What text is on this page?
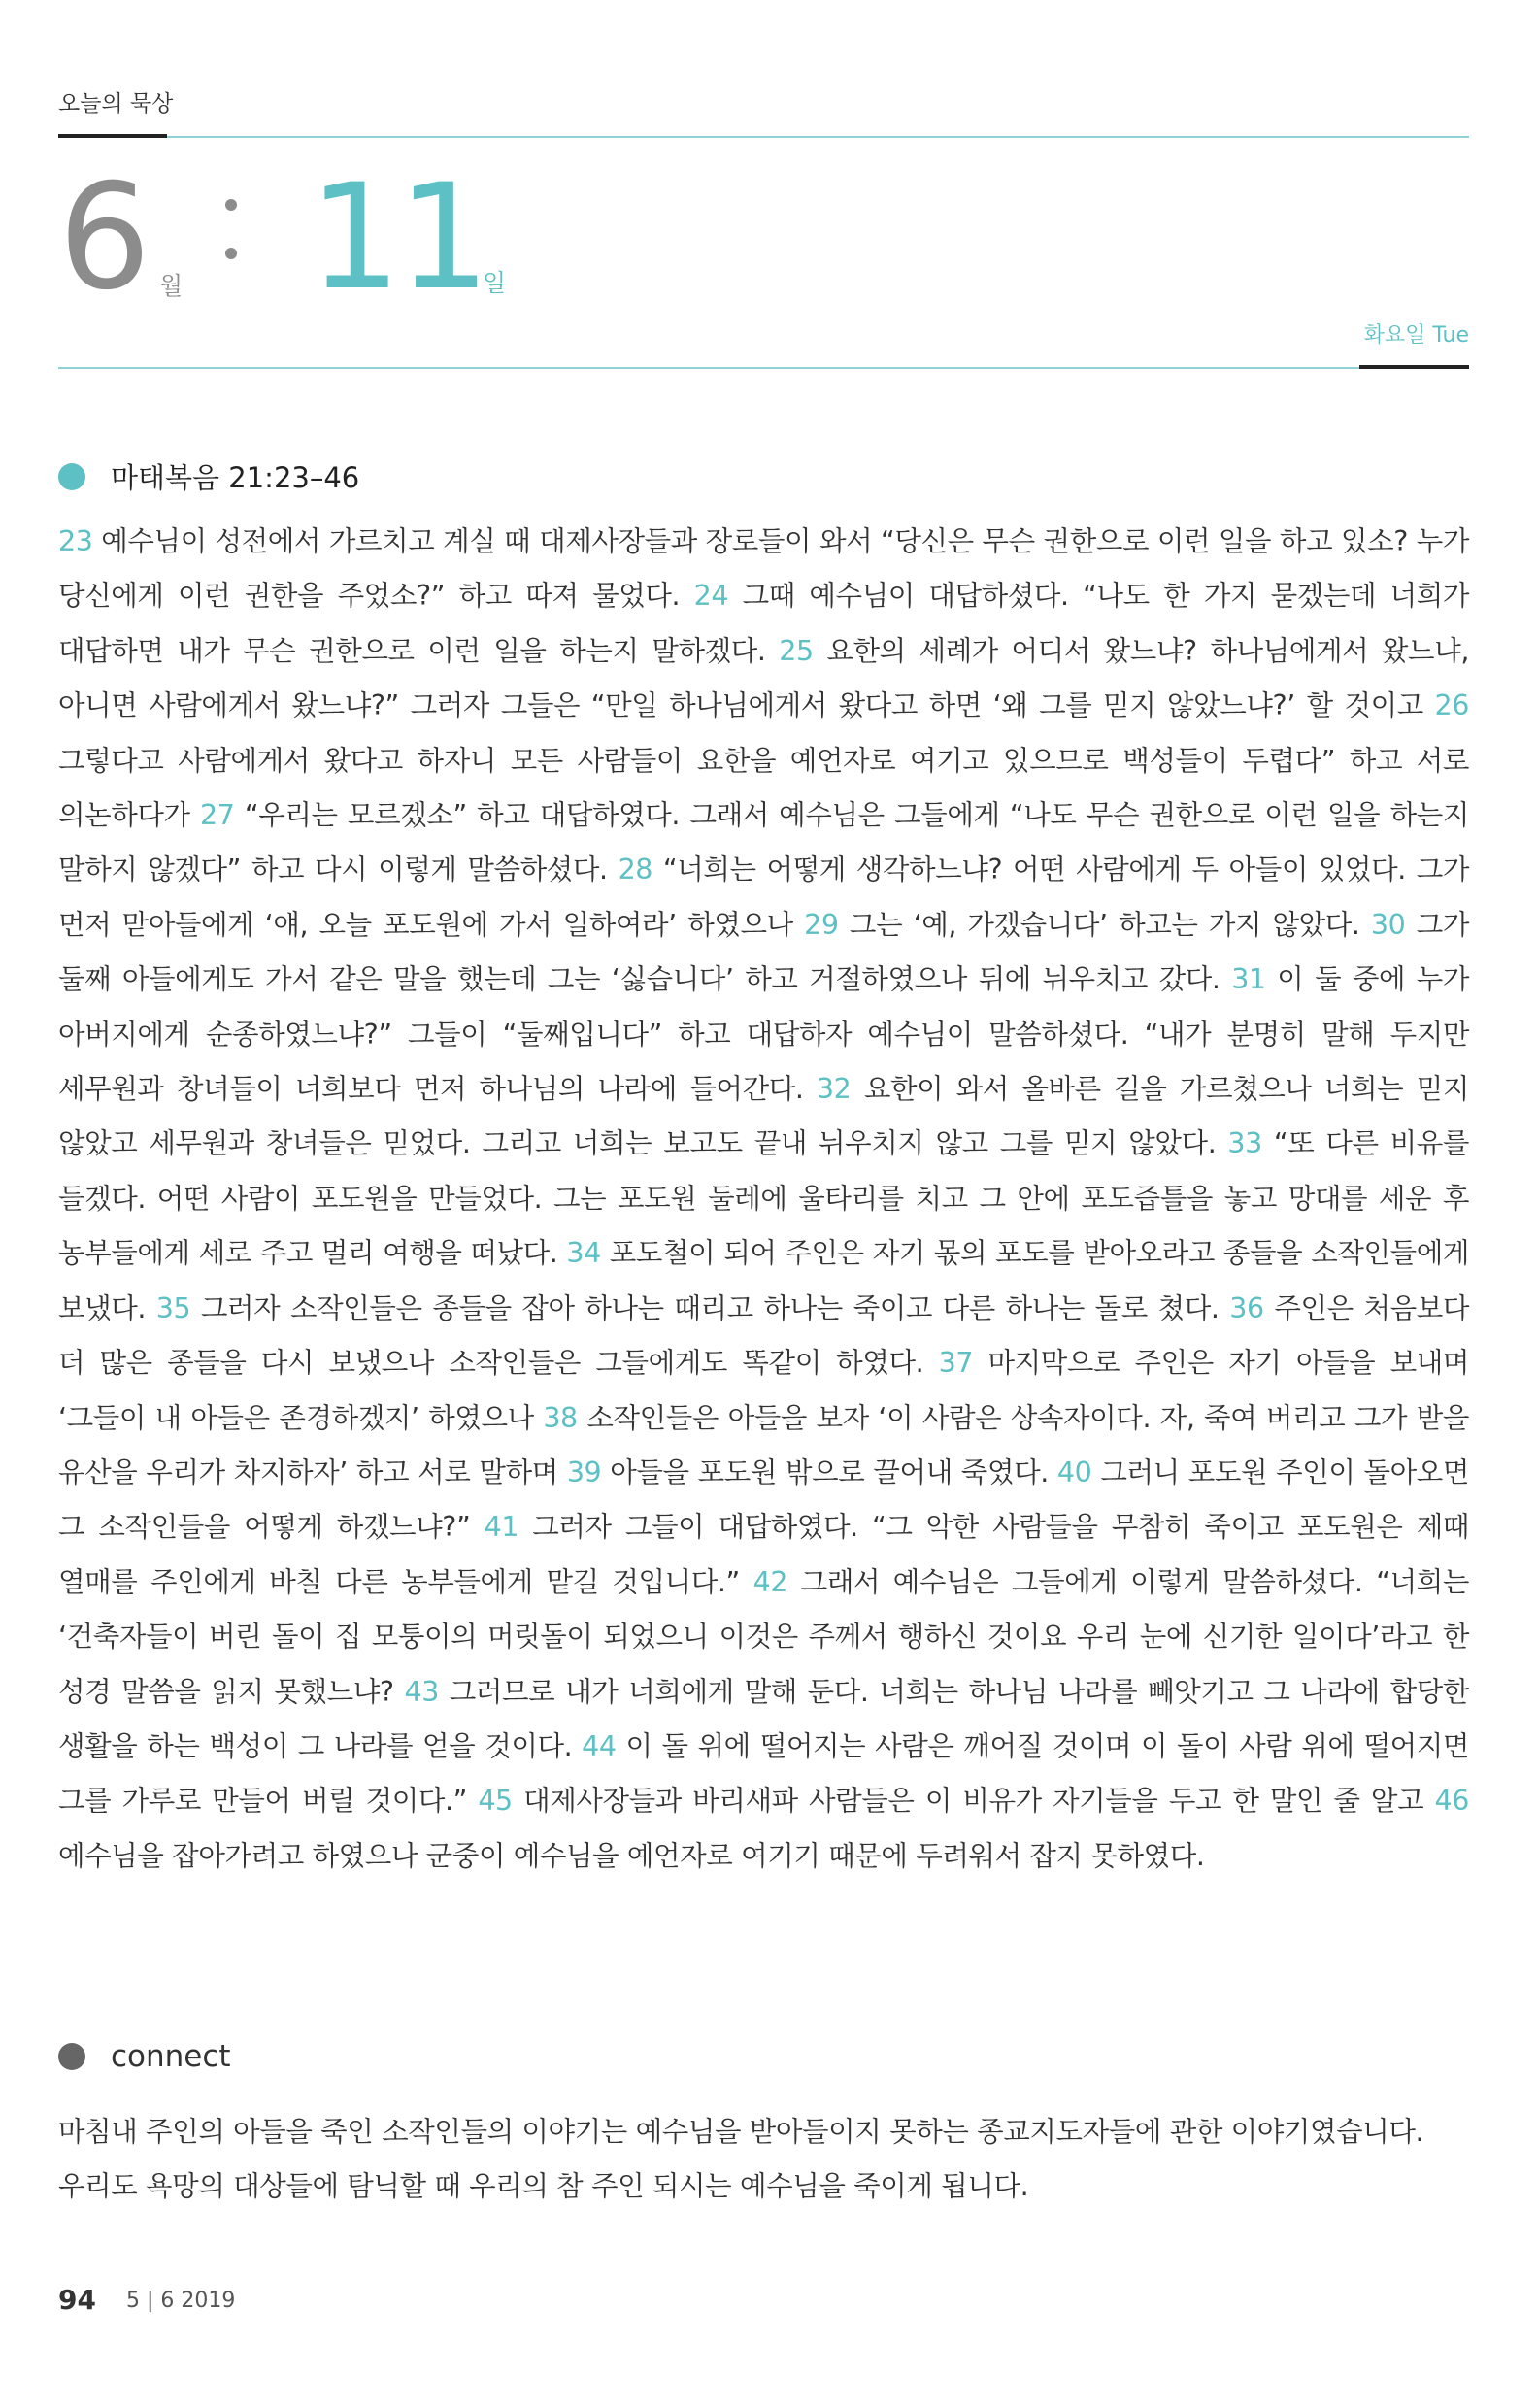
오늘의 묵상
6 월 11
일
화요일 Tue
마태복음 21:23–46
23 예수님이 성전에서 가르치고 계실 때 대제사장들과 장로들이 와서 “당신은 무슨 권한으로 이런 일을 하고 있소? 누가 당신에게 이런 권한을 주었소?” 하고 따져 물었다. 24 그때 예수님이 대답하셨다. “나도 한 가지 묻겠는데 너희가 대답하면 내가 무슨 권한으로 이런 일을 하는지 말하겠다. 25 요한의 세례가 어디서 왔느냐? 하나님에게서 왔느냐, 아니면 사람에게서 왔느냐?” 그러자 그들은 “만일 하나님에게서 왔다고 하면 ‘왜 그를 믿지 않았느냐?’ 할 것이고 26 그렇다고 사람에게서 왔다고 하자니 모든 사람들이 요한을 예언자로 여기고 있으므로 백성들이 두렵다” 하고 서로 의논하다가 27 “우리는 모르겠소” 하고 대답하였다. 그래서 예수님은 그들에게 “나도 무슨 권한으로 이런 일을 하는지 말하지 않겠다” 하고 다시 이렇게 말씀하셨다. 28 “너희는 어떻게 생각하느냐? 어떤 사람에게 두 아들이 있었다. 그가 먼저 맏아들에게 ‘얘, 오늘 포도원에 가서 일하여라’ 하였으나 29 그는 ‘예, 가겠습니다’ 하고는 가지 않았다. 30 그가 둘째 아들에게도 가서 같은 말을 했는데 그는 ‘싫습니다’ 하고 거절하였으나 뒤에 뉘우치고 갔다. 31 이 둘 중에 누가 아버지에게 순종하였느냐?” 그들이 “둘째입니다” 하고 대답하자 예수님이 말씀하셨다. “내가 분명히 말해 두지만 세무원과 창녀들이 너희보다 먼저 하나님의 나라에 들어간다. 32 요한이 와서 올바른 길을 가르쳤으나 너희는 믿지 않았고 세무원과 창녀들은 믿었다. 그리고 너희는 보고도 끝내 뉘우치지 않고 그를 믿지 않았다. 33 “또 다른 비유를 들겠다. 어떤 사람이 포도원을 만들었다. 그는 포도원 둘레에 울타리를 치고 그 안에 포도즙틀을 놓고 망대를 세운 후 농부들에게 세로 주고 멀리 여행을 떠났다. 34 포도철이 되어 주인은 자기 몫의 포도를 받아오라고 종들을 소작인들에게 보냈다. 35 그러자 소작인들은 종들을 잡아 하나는 때리고 하나는 죽이고 다른 하나는 돌로 쳤다. 36 주인은 처음보다 더 많은 종들을 다시 보냈으나 소작인들은 그들에게도 똑같이 하였다. 37 마지막으로 주인은 자기 아들을 보내며 ‘그들이 내 아들은 존경하겠지’ 하였으나 38 소작인들은 아들을 보자 ‘이 사람은 상속자이다. 자, 죽여 버리고 그가 받을 유산을 우리가 차지하자’ 하고 서로 말하며 39 아들을 포도원 밖으로 끌어내 죽였다. 40 그러니 포도원 주인이 돌아오면 그 소작인들을 어떻게 하겠느냐?” 41 그러자 그들이 대답하였다. “그 악한 사람들을 무참히 죽이고 포도원은 제때 열매를 주인에게 바칠 다른 농부들에게 맡길 것입니다.” 42 그래서 예수님은 그들에게 이렇게 말씀하셨다. “너희는 ‘건축자들이 버린 돌이 집 모퉁이의 머릿돌이 되었으니 이것은 주께서 행하신 것이요 우리 눈에 신기한 일이다’라고 한 성경 말씀을 읽지 못했느냐? 43 그러므로 내가 너희에게 말해 둔다. 너희는 하나님 나라를 빼앗기고 그 나라에 합당한 생활을 하는 백성이 그 나라를 얻을 것이다. 44 이 돌 위에 떨어지는 사람은 깨어질 것이며 이 돌이 사람 위에 떨어지면 그를 가루로 만들어 버릴 것이다.” 45 대제사장들과 바리새파 사람들은 이 비유가 자기들을 두고 한 말인 줄 알고 46 예수님을 잡아가려고 하였으나 군중이 예수님을 예언자로 여기기 때문에 두려워서 잡지 못하였다.
connect
마침내 주인의 아들을 죽인 소작인들의 이야기는 예수님을 받아들이지 못하는 종교지도자들에 관한 이야기였습니다. 우리도 욕망의 대상들에 탐닉할 때 우리의 참 주인 되시는 예수님을 죽이게 됩니다.
94 5 | 6 2019
